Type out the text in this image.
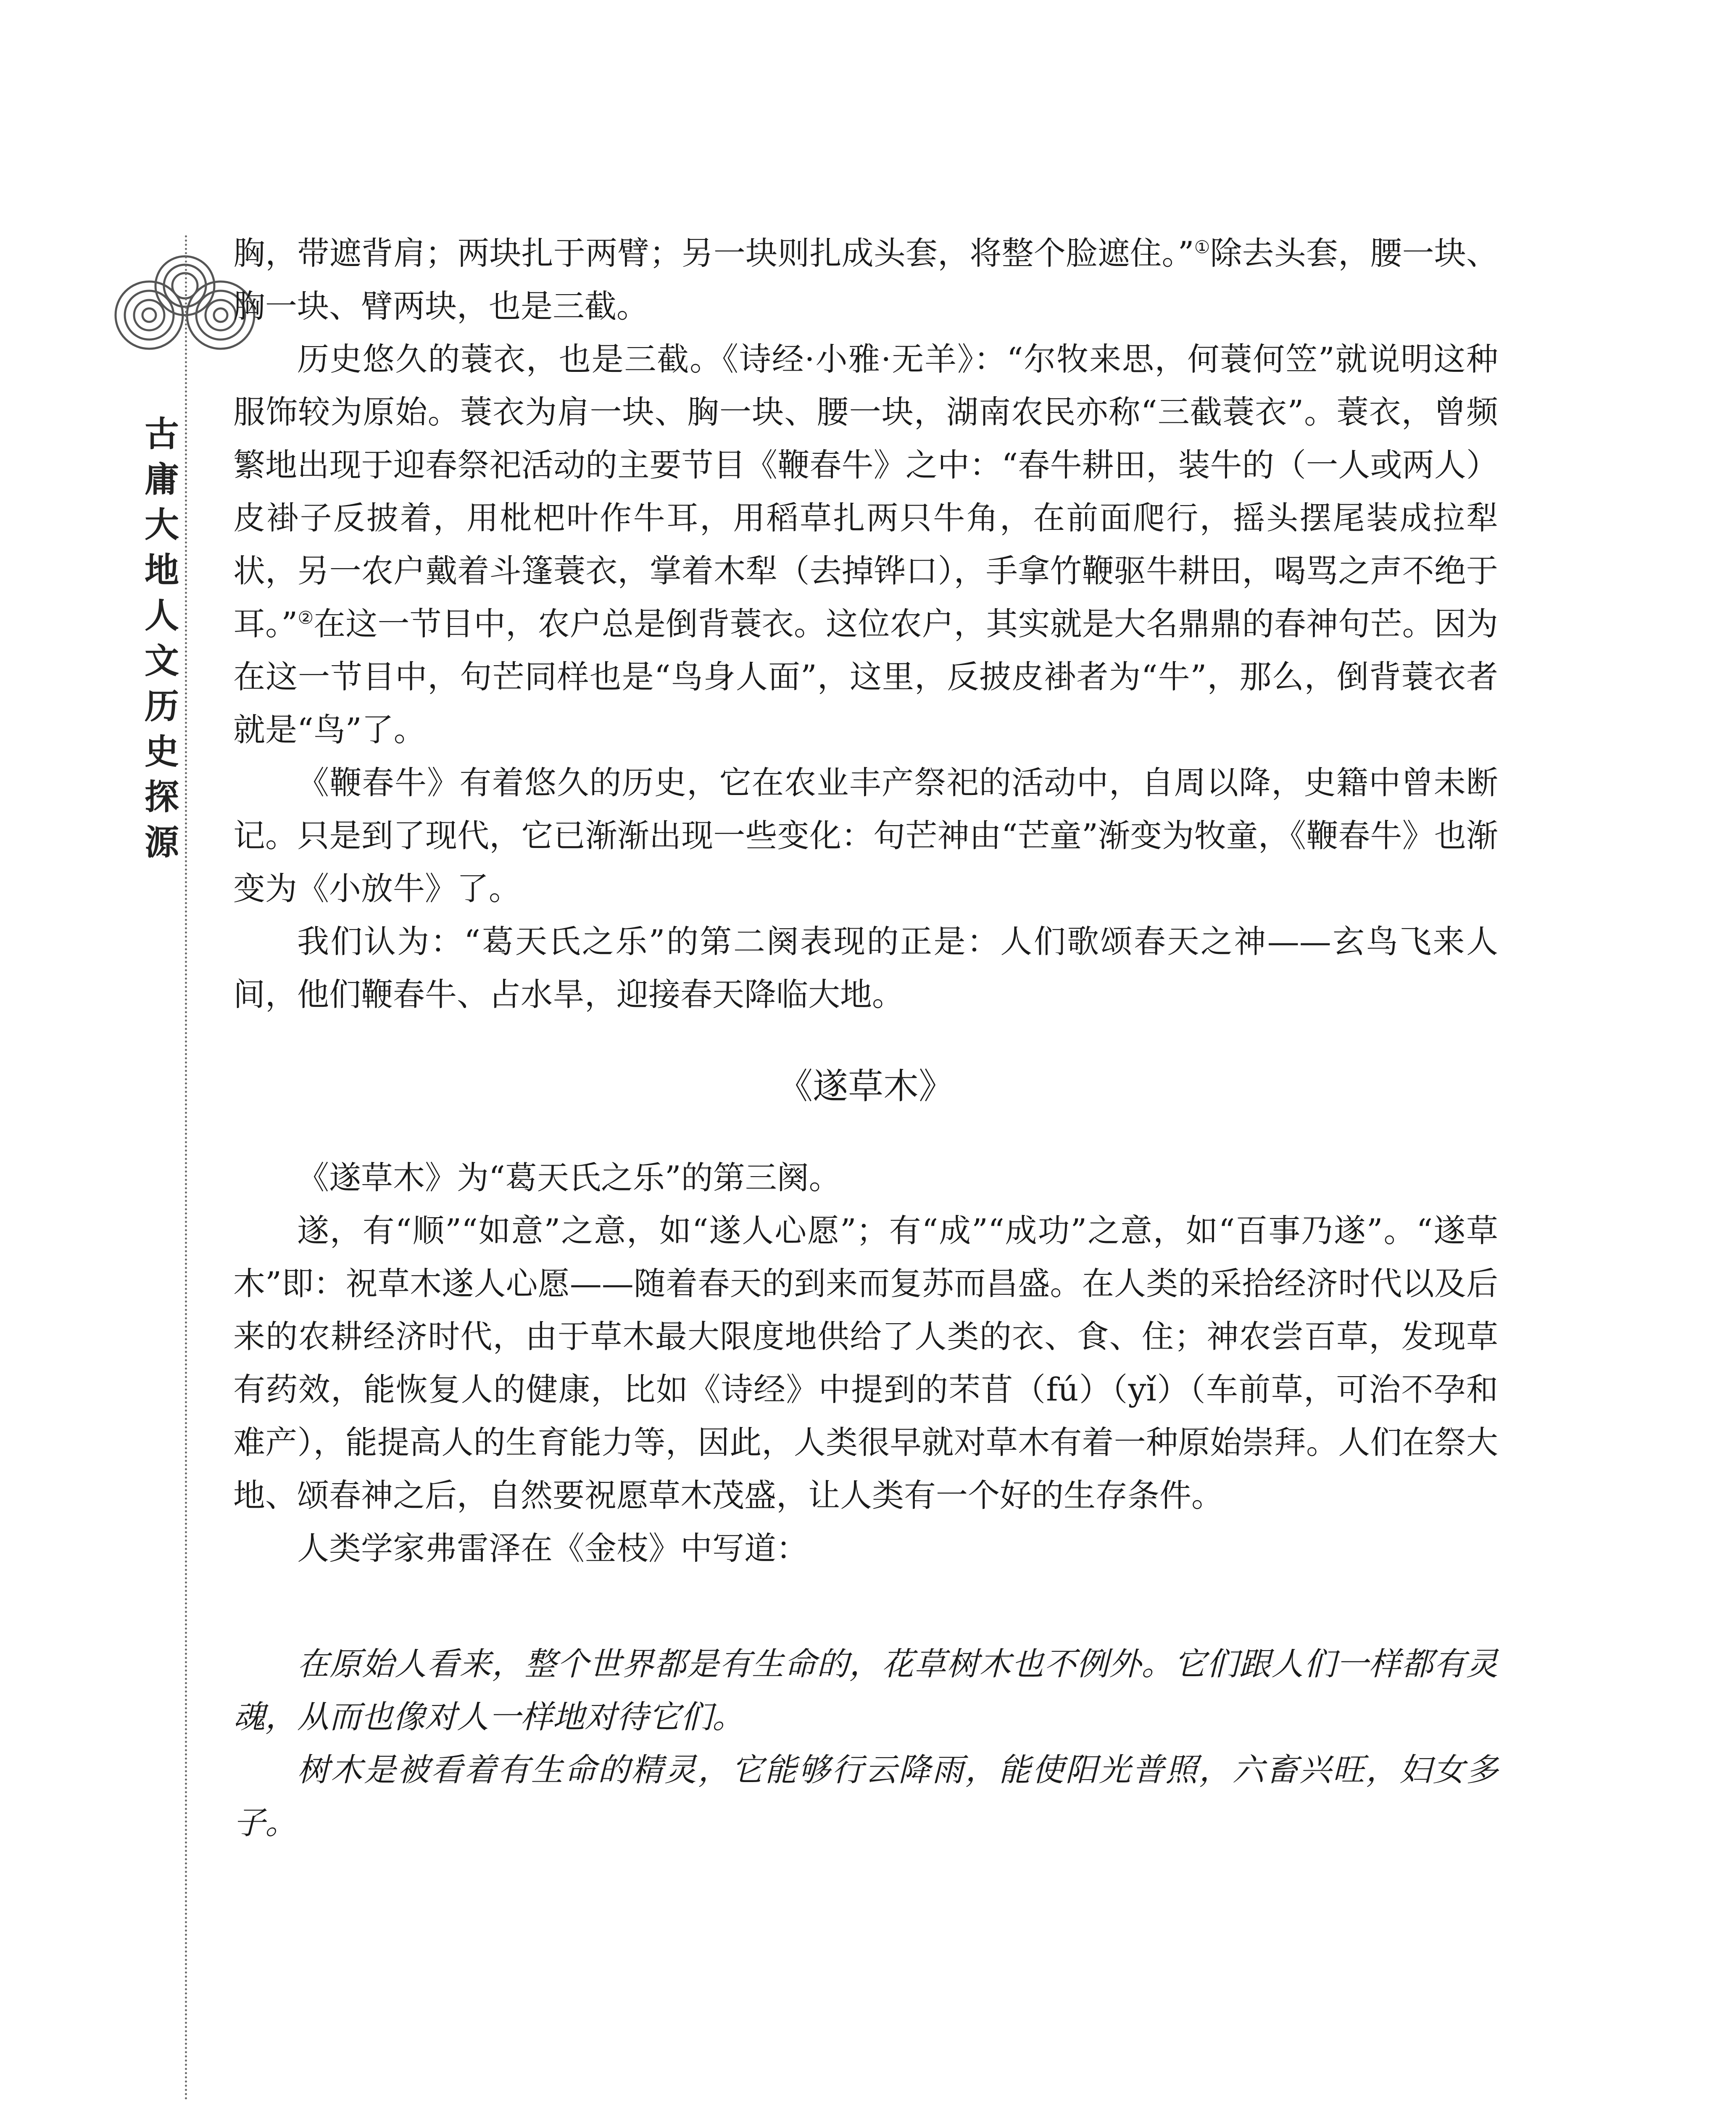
古庸大地人文历史探源

胸，带遮背肩；两块扎于两臂；另一块则扎成头套，将整个脸遮住。”①除去头套，腰一块、胸一块、臂两块，也是三截。

历史悠久的蓑衣，也是三截。《诗经·小雅·无羊》：“尔牧来思，何蓑何笠”就说明这种服饰较为原始。蓑衣为肩一块、胸一块、腰一块，湖南农民亦称“三截蓑衣”。蓑衣，曾频繁地出现于迎春祭祀活动的主要节目《鞭春牛》之中：“春牛耕田，装牛的（一人或两人）皮褂子反披着，用枇杷叶作牛耳，用稻草扎两只牛角，在前面爬行，摇头摆尾装成拉犁状，另一农户戴着斗篷蓑衣，掌着木犁（去掉铧口），手拿竹鞭驱牛耕田，喝骂之声不绝于耳。”②在这一节目中，农户总是倒背蓑衣。这位农户，其实就是大名鼎鼎的春神句芒。因为在这一节目中，句芒同样也是“鸟身人面”，这里，反披皮褂者为“牛”，那么，倒背蓑衣者就是“鸟”了。

《鞭春牛》有着悠久的历史，它在农业丰产祭祀的活动中，自周以降，史籍中曾未断记。只是到了现代，它已渐渐出现一些变化：句芒神由“芒童”渐变为牧童，《鞭春牛》也渐变为《小放牛》了。

我们认为：“葛天氏之乐”的第二阕表现的正是：人们歌颂春天之神——玄鸟飞来人间，他们鞭春牛、占水旱，迎接春天降临大地。

《遂草木》

《遂草木》为“葛天氏之乐”的第三阕。

遂，有“顺”“如意”之意，如“遂人心愿”；有“成”“成功”之意，如“百事乃遂”。“遂草木”即：祝草木遂人心愿——随着春天的到来而复苏而昌盛。在人类的采拾经济时代以及后来的农耕经济时代，由于草木最大限度地供给了人类的衣、食、住；神农尝百草，发现草有药效，能恢复人的健康，比如《诗经》中提到的芣苜（fú）（yǐ）（车前草，可治不孕和难产），能提高人的生育能力等，因此，人类很早就对草木有着一种原始崇拜。人们在祭大地、颂春神之后，自然要祝愿草木茂盛，让人类有一个好的生存条件。

人类学家弗雷泽在《金枝》中写道：

在原始人看来，整个世界都是有生命的，花草树木也不例外。它们跟人们一样都有灵魂，从而也像对人一样地对待它们。

树木是被看着有生命的精灵，它能够行云降雨，能使阳光普照，六畜兴旺，妇女多子。
